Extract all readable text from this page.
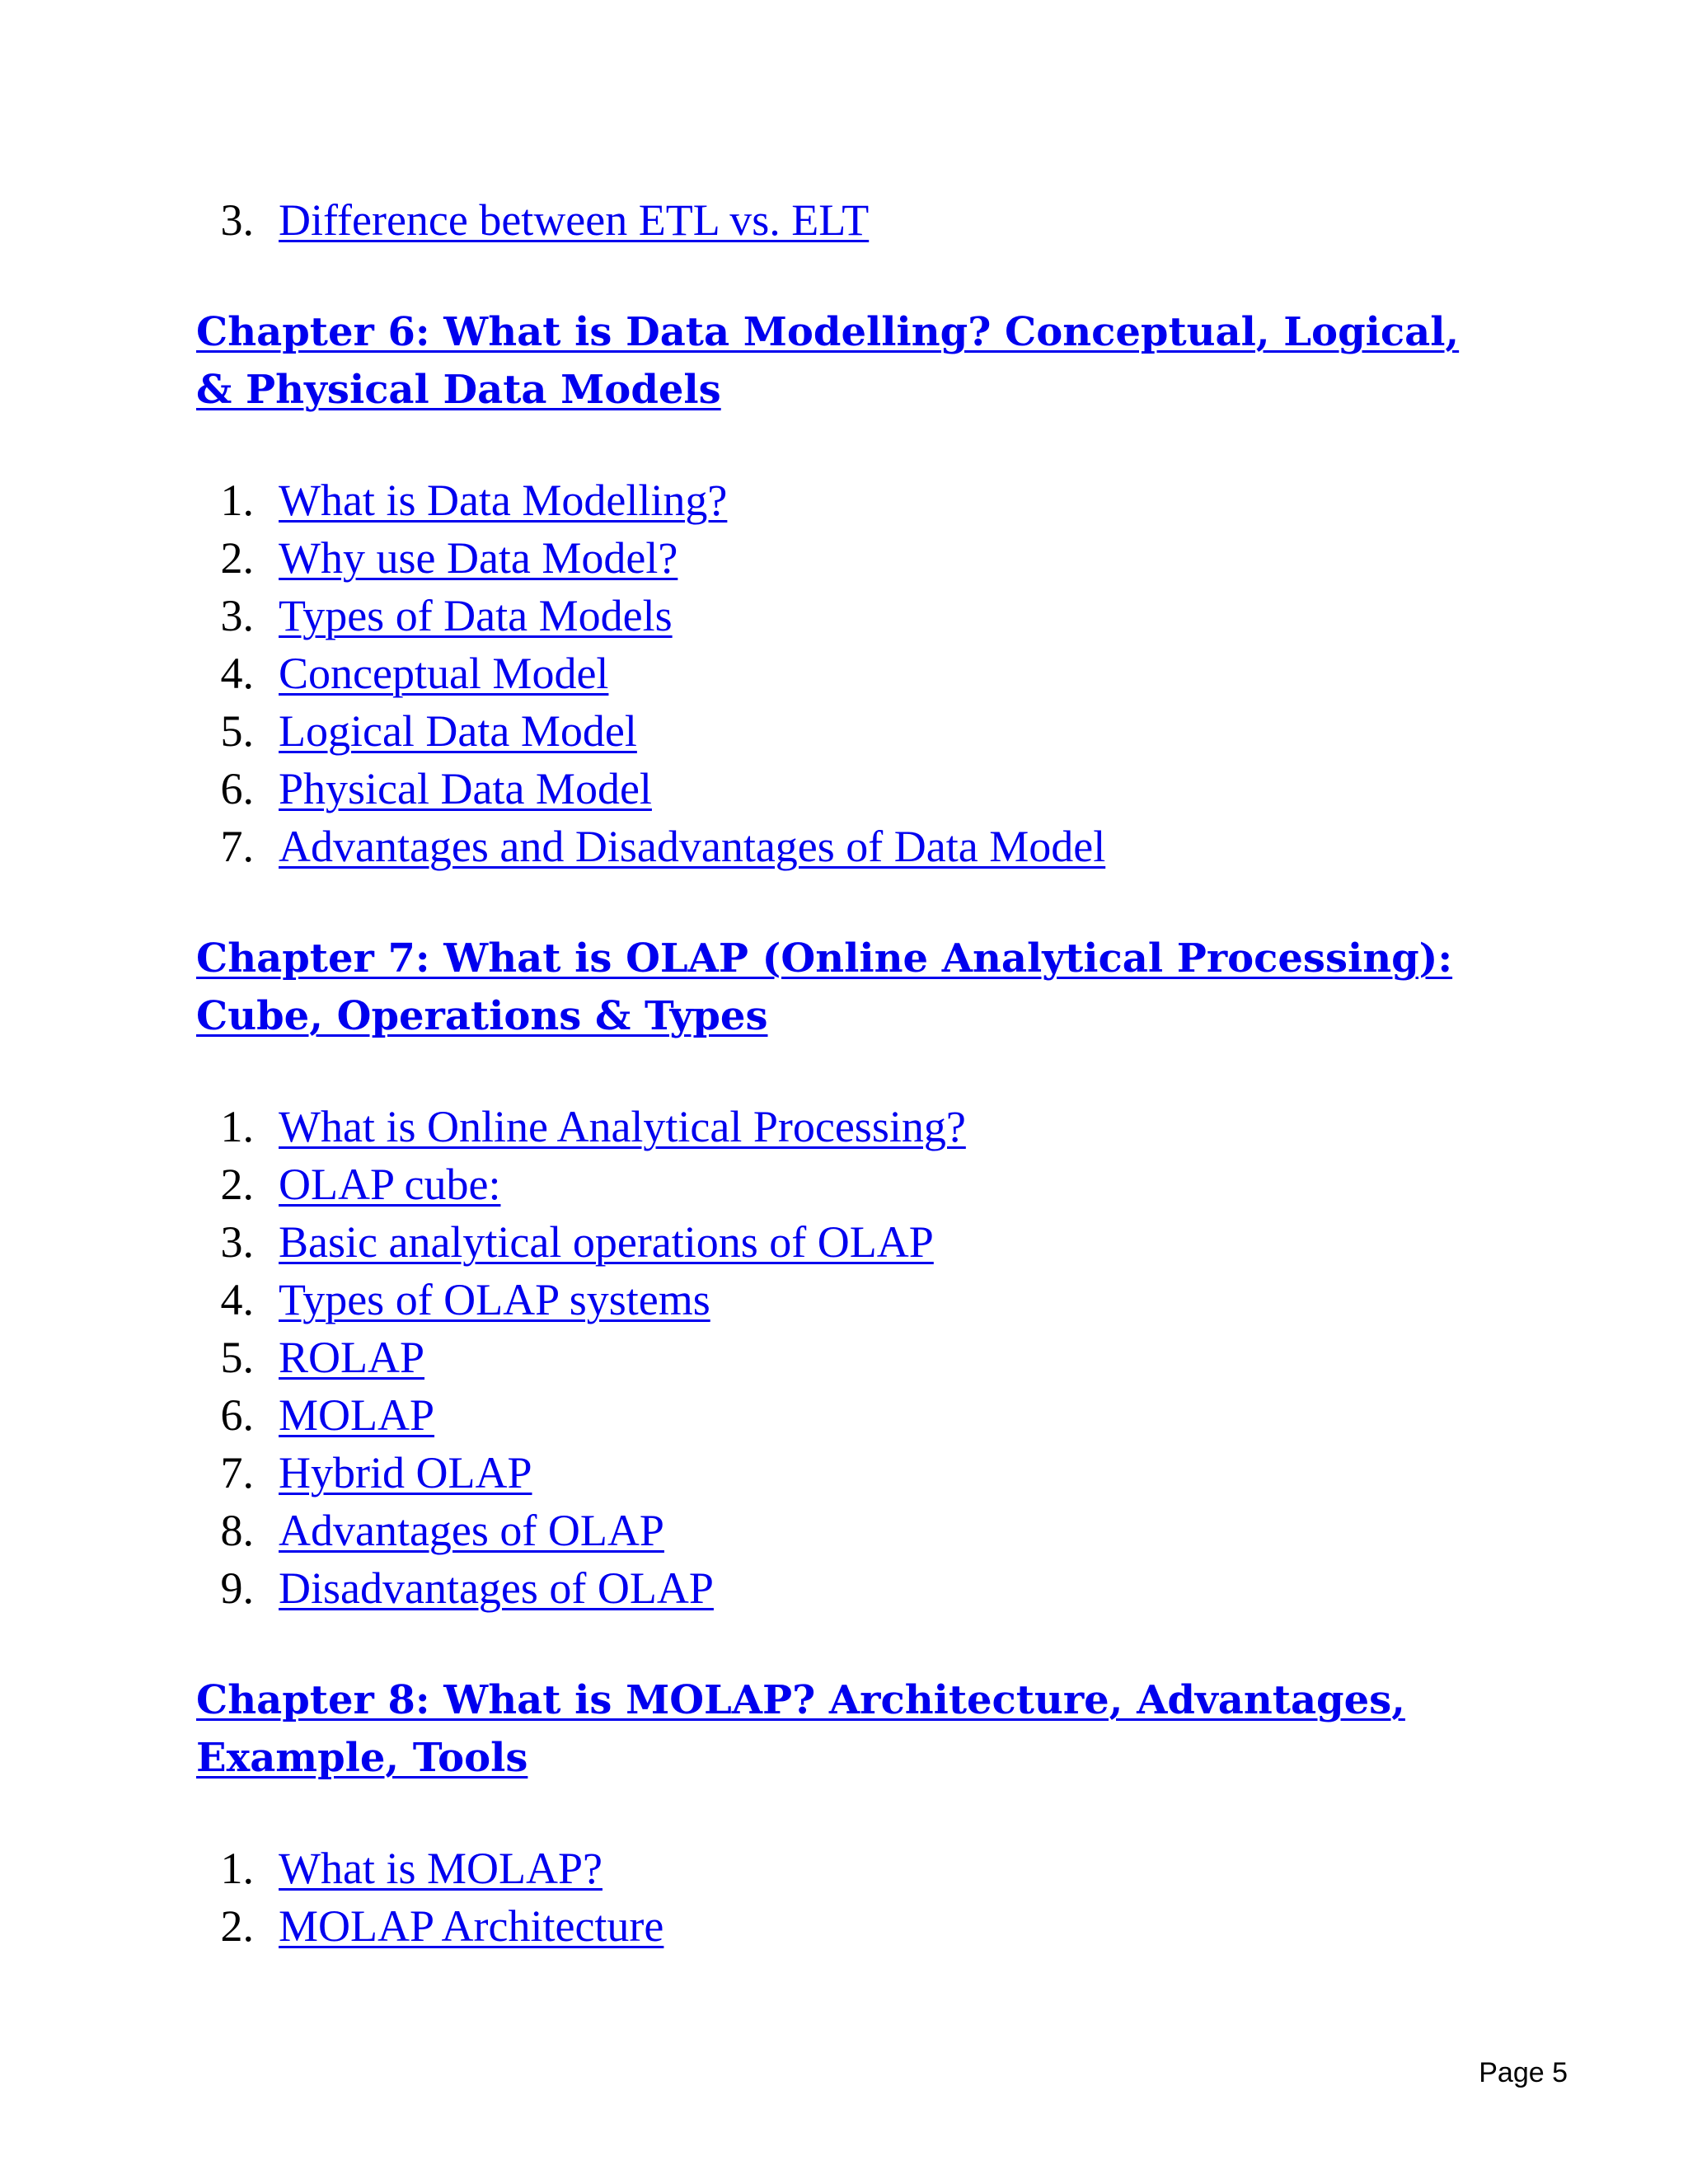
3. Difference between ETL vs. ELT
Chapter 6: What is Data Modelling? Conceptual, Logical, & Physical Data Models
1. What is Data Modelling?
2. Why use Data Model?
3. Types of Data Models
4. Conceptual Model
5. Logical Data Model
6. Physical Data Model
7. Advantages and Disadvantages of Data Model
Chapter 7: What is OLAP (Online Analytical Processing): Cube, Operations & Types
1. What is Online Analytical Processing?
2. OLAP cube:
3. Basic analytical operations of OLAP
4. Types of OLAP systems
5. ROLAP
6. MOLAP
7. Hybrid OLAP
8. Advantages of OLAP
9. Disadvantages of OLAP
Chapter 8: What is MOLAP? Architecture, Advantages, Example, Tools
1. What is MOLAP?
2. MOLAP Architecture
Page 5
